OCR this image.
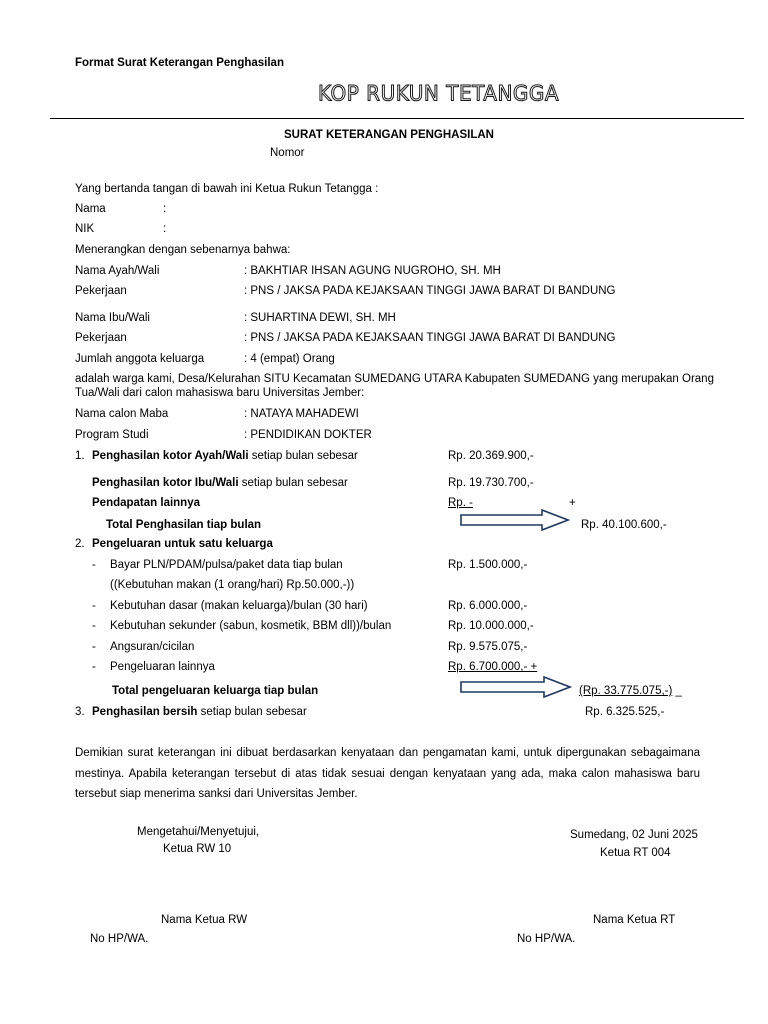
Format Surat Keterangan Penghasilan
KOP RUKUN TETANGGA
SURAT KETERANGAN PENGHASILAN
Nomor
Yang bertanda tangan di bawah ini Ketua Rukun Tetangga :
Nama	:
NIK	:
Menerangkan dengan sebenarnya bahwa:
Nama Ayah/Wali	: BAKHTIAR IHSAN AGUNG NUGROHO, SH. MH
Pekerjaan	: PNS / JAKSA PADA KEJAKSAAN TINGGI JAWA BARAT DI BANDUNG
Nama Ibu/Wali	: SUHARTINA DEWI, SH. MH
Pekerjaan	: PNS / JAKSA PADA KEJAKSAAN TINGGI JAWA BARAT DI BANDUNG
Jumlah anggota keluarga	: 4 (empat) Orang
adalah warga kami, Desa/Kelurahan SITU Kecamatan SUMEDANG UTARA Kabupaten SUMEDANG yang merupakan Orang Tua/Wali dari calon mahasiswa baru Universitas Jember:
Nama calon Maba	: NATAYA MAHADEWI
Program Studi	: PENDIDIKAN DOKTER
1. Penghasilan kotor Ayah/Wali setiap bulan sebesar	Rp. 20.369.900,-
Penghasilan kotor Ibu/Wali setiap bulan sebesar	Rp. 19.730.700,-
Pendapatan lainnya	Rp. -	+
Total Penghasilan tiap bulan	Rp. 40.100.600,-
2. Pengeluaran untuk satu keluarga
- Bayar PLN/PDAM/pulsa/paket data tiap bulan	Rp. 1.500.000,-
((Kebutuhan makan (1 orang/hari) Rp.50.000,-))
- Kebutuhan dasar (makan keluarga)/bulan (30 hari)	Rp. 6.000.000,-
- Kebutuhan sekunder (sabun, kosmetik, BBM dll))/bulan	Rp. 10.000.000,-
- Angsuran/cicilan	Rp. 9.575.075,-
- Pengeluaran lainnya	Rp. 6.700.000,- +
Total pengeluaran keluarga tiap bulan	(Rp. 33.775.075,-) _
3. Penghasilan bersih setiap bulan sebesar	Rp. 6.325.525,-
Demikian surat keterangan ini dibuat berdasarkan kenyataan dan pengamatan kami, untuk dipergunakan sebagaimana mestinya. Apabila keterangan tersebut di atas tidak sesuai dengan kenyataan yang ada, maka calon mahasiswa baru tersebut siap menerima sanksi dari Universitas Jember.
Mengetahui/Menyetujui,
Ketua RW 10
Sumedang, 02 Juni 2025
Ketua RT 004
Nama Ketua RW	Nama Ketua RT
No HP/WA.	No HP/WA.
